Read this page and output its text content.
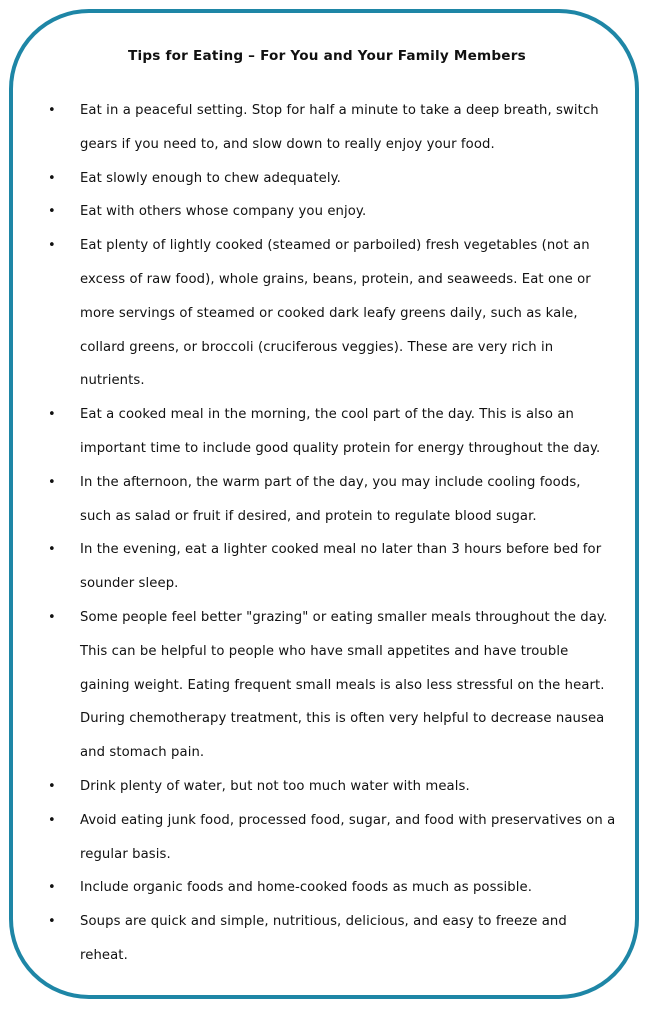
Tips for Eating – For You and Your Family Members
• Eat in a peaceful setting. Stop for half a minute to take a deep breath, switch gears if you need to, and slow down to really enjoy your food.
• Eat slowly enough to chew adequately.
• Eat with others whose company you enjoy.
• Eat plenty of lightly cooked (steamed or parboiled) fresh vegetables (not an excess of raw food), whole grains, beans, protein, and seaweeds. Eat one or more servings of steamed or cooked dark leafy greens daily, such as kale, collard greens, or broccoli (cruciferous veggies). These are very rich in nutrients.
• Eat a cooked meal in the morning, the cool part of the day. This is also an important time to include good quality protein for energy throughout the day.
• In the afternoon, the warm part of the day, you may include cooling foods, such as salad or fruit if desired, and protein to regulate blood sugar.
• In the evening, eat a lighter cooked meal no later than 3 hours before bed for sounder sleep.
• Some people feel better "grazing" or eating smaller meals throughout the day. This can be helpful to people who have small appetites and have trouble gaining weight. Eating frequent small meals is also less stressful on the heart. During chemotherapy treatment, this is often very helpful to decrease nausea and stomach pain.
• Drink plenty of water, but not too much water with meals.
• Avoid eating junk food, processed food, sugar, and food with preservatives on a regular basis.
• Include organic foods and home-cooked foods as much as possible.
• Soups are quick and simple, nutritious, delicious, and easy to freeze and reheat.
